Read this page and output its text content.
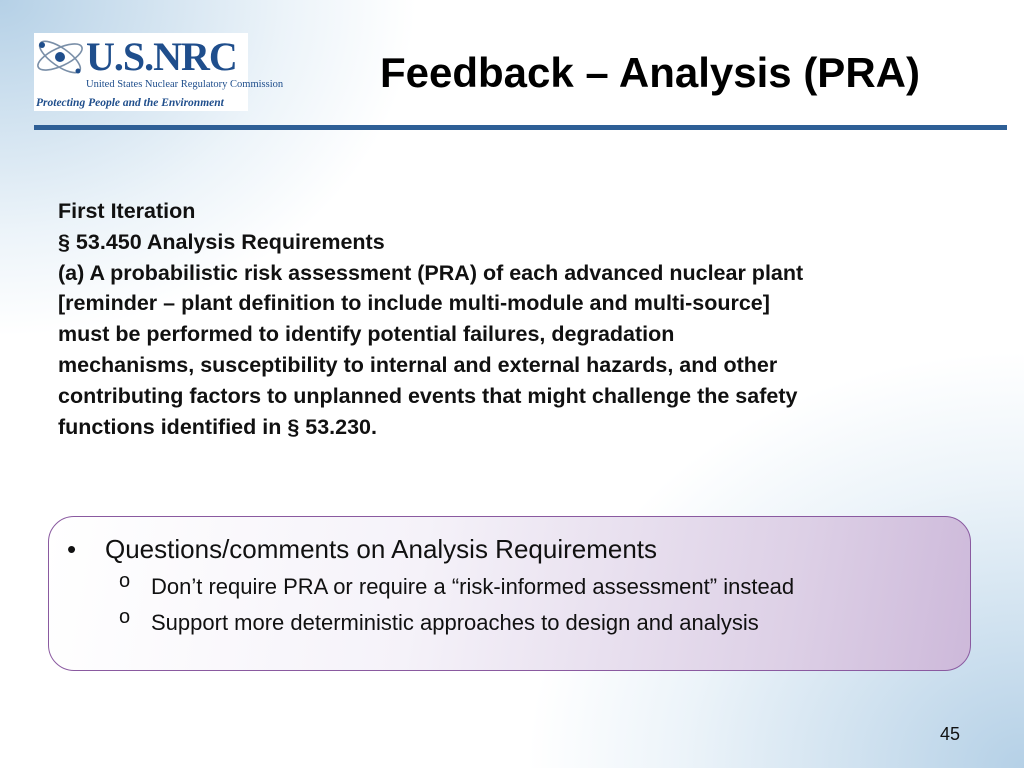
U.S.NRC
United States Nuclear Regulatory Commission
Protecting People and the Environment
Feedback – Analysis (PRA)
First Iteration
§ 53.450 Analysis Requirements
(a) A probabilistic risk assessment (PRA) of each advanced nuclear plant
[reminder – plant definition to include multi-module and multi-source]
must be performed to identify potential failures, degradation
mechanisms, susceptibility to internal and external hazards, and other
contributing factors to unplanned events that might challenge the safety
functions identified in § 53.230.
• Questions/comments on Analysis Requirements
o Don’t require PRA or require a “risk-informed assessment” instead
o Support more deterministic approaches to design and analysis
45
